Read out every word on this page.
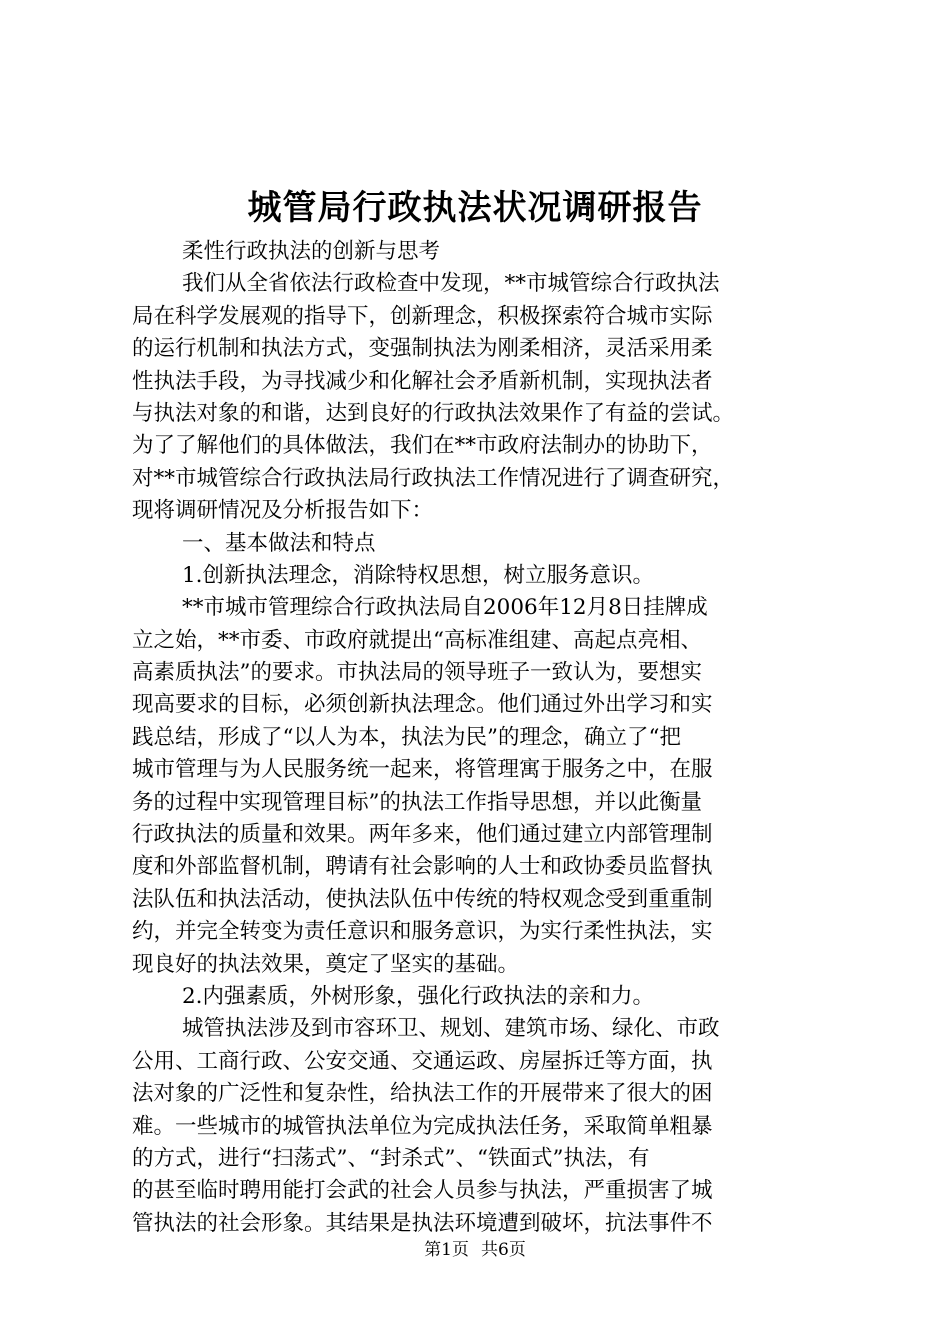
城管局行政执法状况调研报告
柔性行政执法的创新与思考
我们从全省依法行政检查中发现，**市城管综合行政执法
局在科学发展观的指导下，创新理念，积极探索符合城市实际
的运行机制和执法方式，变强制执法为刚柔相济，灵活采用柔
性执法手段，为寻找减少和化解社会矛盾新机制，实现执法者
与执法对象的和谐，达到良好的行政执法效果作了有益的尝试。
为了了解他们的具体做法，我们在**市政府法制办的协助下，
对**市城管综合行政执法局行政执法工作情况进行了调查研究，
现将调研情况及分析报告如下：
一、基本做法和特点
1.创新执法理念，消除特权思想，树立服务意识。
**市城市管理综合行政执法局自2006年12月8日挂牌成
立之始，**市委、市政府就提出“高标准组建、高起点亮相、
高素质执法”的要求。市执法局的领导班子一致认为，要想实
现高要求的目标，必须创新执法理念。他们通过外出学习和实
践总结，形成了“以人为本，执法为民”的理念，确立了“把
城市管理与为人民服务统一起来，将管理寓于服务之中，在服
务的过程中实现管理目标”的执法工作指导思想，并以此衡量
行政执法的质量和效果。两年多来，他们通过建立内部管理制
度和外部监督机制，聘请有社会影响的人士和政协委员监督执
法队伍和执法活动，使执法队伍中传统的特权观念受到重重制
约，并完全转变为责任意识和服务意识，为实行柔性执法，实
现良好的执法效果，奠定了坚实的基础。
2.内强素质，外树形象，强化行政执法的亲和力。
城管执法涉及到市容环卫、规划、建筑市场、绿化、市政
公用、工商行政、公安交通、交通运政、房屋拆迁等方面，执
法对象的广泛性和复杂性，给执法工作的开展带来了很大的困
难。一些城市的城管执法单位为完成执法任务，采取简单粗暴
的方式，进行“扫荡式”、“封杀式”、“铁面式”执法，有
的甚至临时聘用能打会武的社会人员参与执法，严重损害了城
管执法的社会形象。其结果是执法环境遭到破坏，抗法事件不
第1页 共6页
